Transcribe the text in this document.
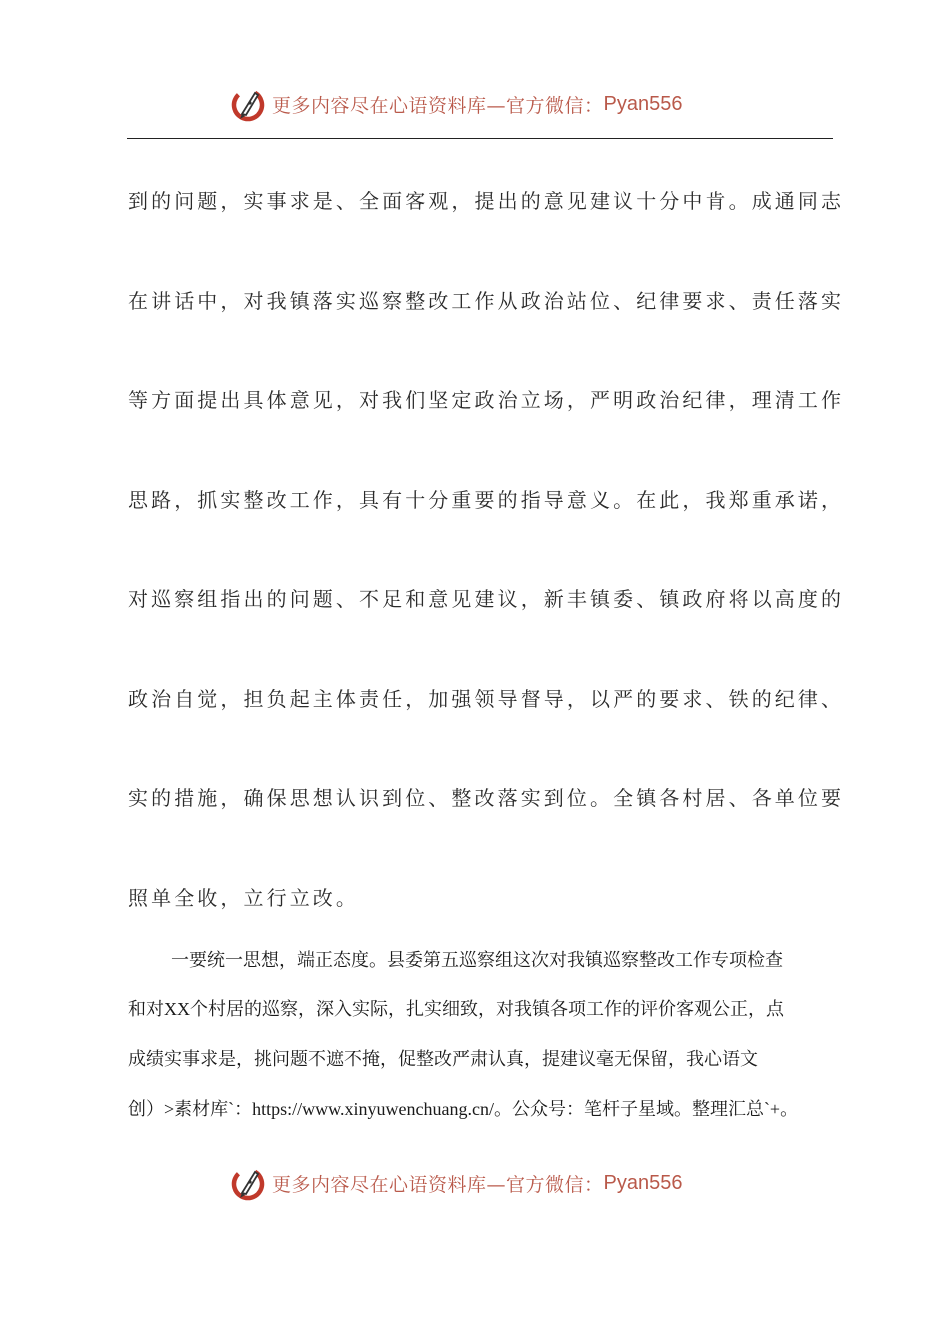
更多内容尽在心语资料库—官方微信： Pyan556
到的问题，实事求是、全面客观，提出的意见建议十分中肯。成通同志
在讲话中，对我镇落实巡察整改工作从政治站位、纪律要求、责任落实
等方面提出具体意见，对我们坚定政治立场，严明政治纪律，理清工作
思路，抓实整改工作，具有十分重要的指导意义。在此，我郑重承诺，
对巡察组指出的问题、不足和意见建议，新丰镇委、镇政府将以高度的
政治自觉，担负起主体责任，加强领导督导，以严的要求、铁的纪律、
实的措施，确保思想认识到位、整改落实到位。全镇各村居、各单位要
照单全收，立行立改。
一要统一思想，端正态度。县委第五巡察组这次对我镇巡察整改工作专项检查
和对XX个村居的巡察，深入实际，扎实细致，对我镇各项工作的评价客观公正，点
成绩实事求是，挑问题不遮不掩，促整改严肃认真，提建议毫无保留，我心语文
创）>素材库`：https://www.xinyuwenchuang.cn/。公众号：笔杆子星域。整理汇总`+。
更多内容尽在心语资料库—官方微信： Pyan556
